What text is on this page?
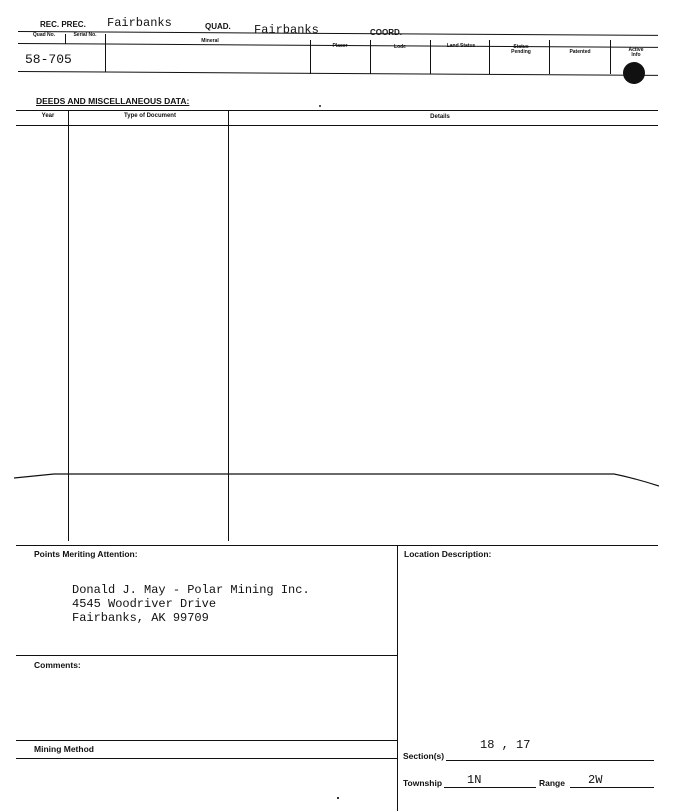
REC. PREC. Fairbanks	QUAD. Fairbanks	COORD.
Quad No.	Serial No.
Mineral
Placer	Lode	Land Status	Status Pending	Patented	Active Info
58-705
DEEDS AND MISCELLANEOUS DATA:
Year	Type of Document	Details
Points Meriting Attention:
Donald J. May - Polar Mining Inc.
4545 Woodriver Drive
Fairbanks, AK 99709
Location Description:
Comments:
Mining Method
Section(s)
18 , 17
Township 1N	Range 2W
